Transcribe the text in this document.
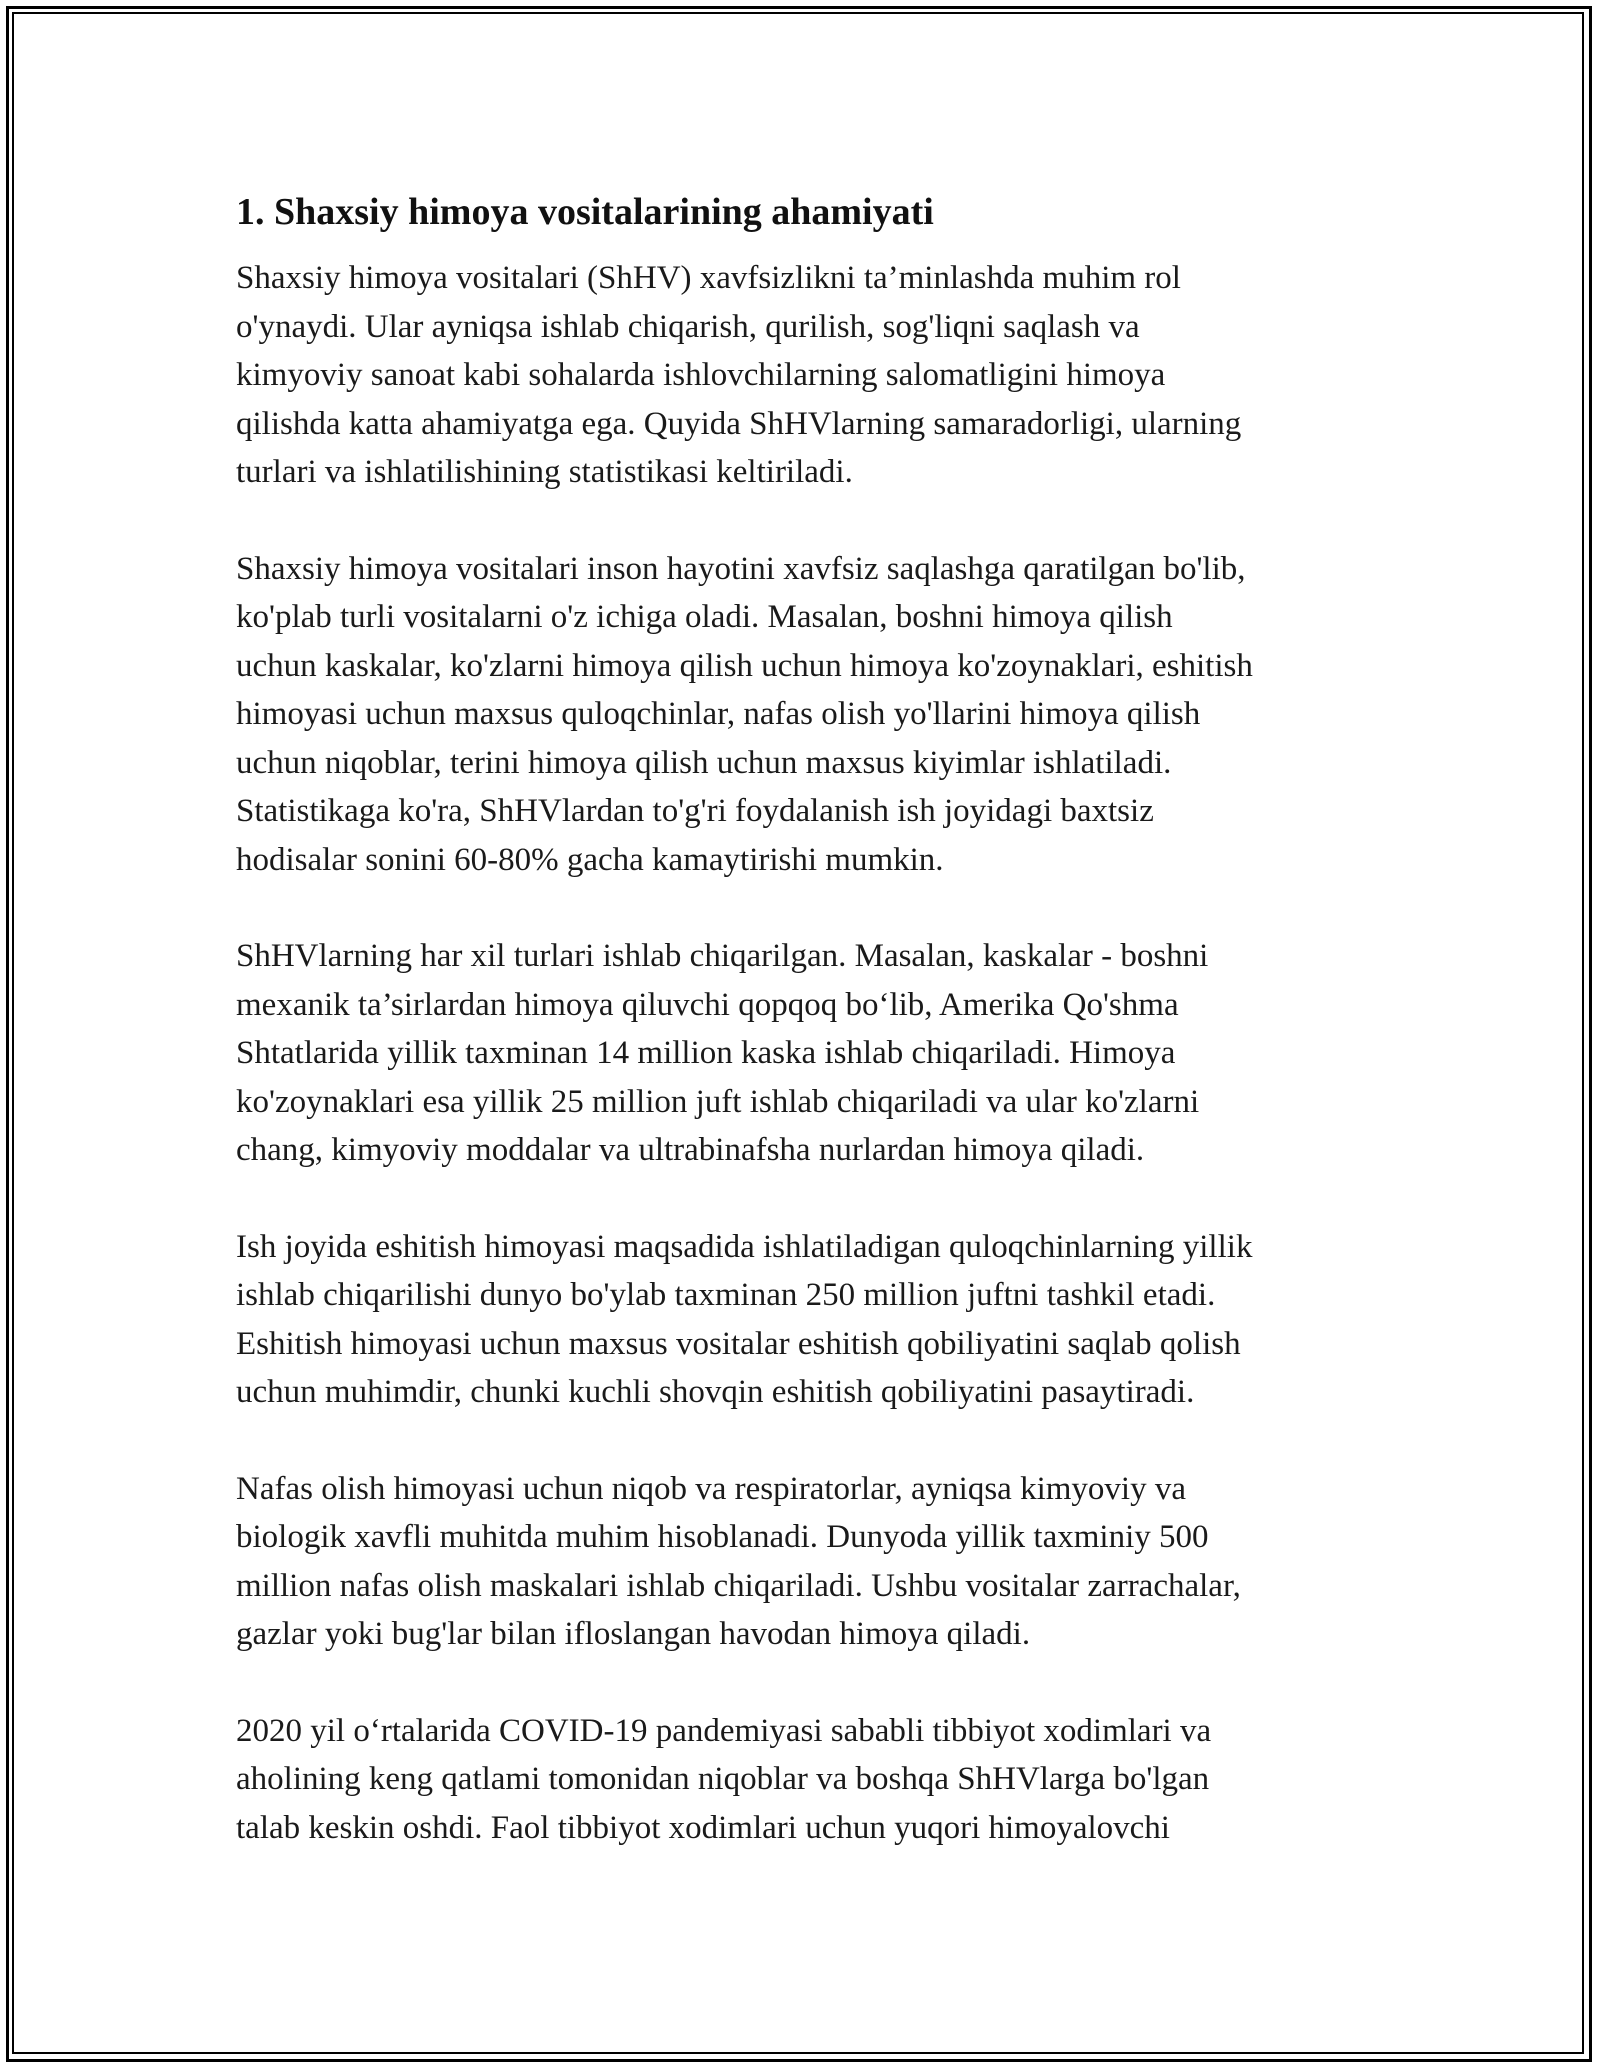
1. Shaxsiy himoya vositalarining ahamiyati

Shaxsiy himoya vositalari (ShHV) xavfsizlikni ta’minlashda muhim rol
o'ynaydi. Ular ayniqsa ishlab chiqarish, qurilish, sog'liqni saqlash va
kimyoviy sanoat kabi sohalarda ishlovchilarning salomatligini himoya
qilishda katta ahamiyatga ega. Quyida ShHVlarning samaradorligi, ularning
turlari va ishlatilishining statistikasi keltiriladi.

Shaxsiy himoya vositalari inson hayotini xavfsiz saqlashga qaratilgan bo'lib,
ko'plab turli vositalarni o'z ichiga oladi. Masalan, boshni himoya qilish
uchun kaskalar, ko'zlarni himoya qilish uchun himoya ko'zoynaklari, eshitish
himoyasi uchun maxsus quloqchinlar, nafas olish yo'llarini himoya qilish
uchun niqoblar, terini himoya qilish uchun maxsus kiyimlar ishlatiladi.
Statistikaga ko'ra, ShHVlardan to'g'ri foydalanish ish joyidagi baxtsiz
hodisalar sonini 60-80% gacha kamaytirishi mumkin.

ShHVlarning har xil turlari ishlab chiqarilgan. Masalan, kaskalar - boshni
mexanik ta’sirlardan himoya qiluvchi qopqoq bo‘lib, Amerika Qo'shma
Shtatlarida yillik taxminan 14 million kaska ishlab chiqariladi. Himoya
ko'zoynaklari esa yillik 25 million juft ishlab chiqariladi va ular ko'zlarni
chang, kimyoviy moddalar va ultrabinafsha nurlardan himoya qiladi.

Ish joyida eshitish himoyasi maqsadida ishlatiladigan quloqchinlarning yillik
ishlab chiqarilishi dunyo bo'ylab taxminan 250 million juftni tashkil etadi.
Eshitish himoyasi uchun maxsus vositalar eshitish qobiliyatini saqlab qolish
uchun muhimdir, chunki kuchli shovqin eshitish qobiliyatini pasaytiradi.

Nafas olish himoyasi uchun niqob va respiratorlar, ayniqsa kimyoviy va
biologik xavfli muhitda muhim hisoblanadi. Dunyoda yillik taxminiy 500
million nafas olish maskalari ishlab chiqariladi. Ushbu vositalar zarrachalar,
gazlar yoki bug'lar bilan ifloslangan havodan himoya qiladi.

2020 yil o‘rtalarida COVID-19 pandemiyasi sababli tibbiyot xodimlari va
aholining keng qatlami tomonidan niqoblar va boshqa ShHVlarga bo'lgan
talab keskin oshdi. Faol tibbiyot xodimlari uchun yuqori himoyalovchi
